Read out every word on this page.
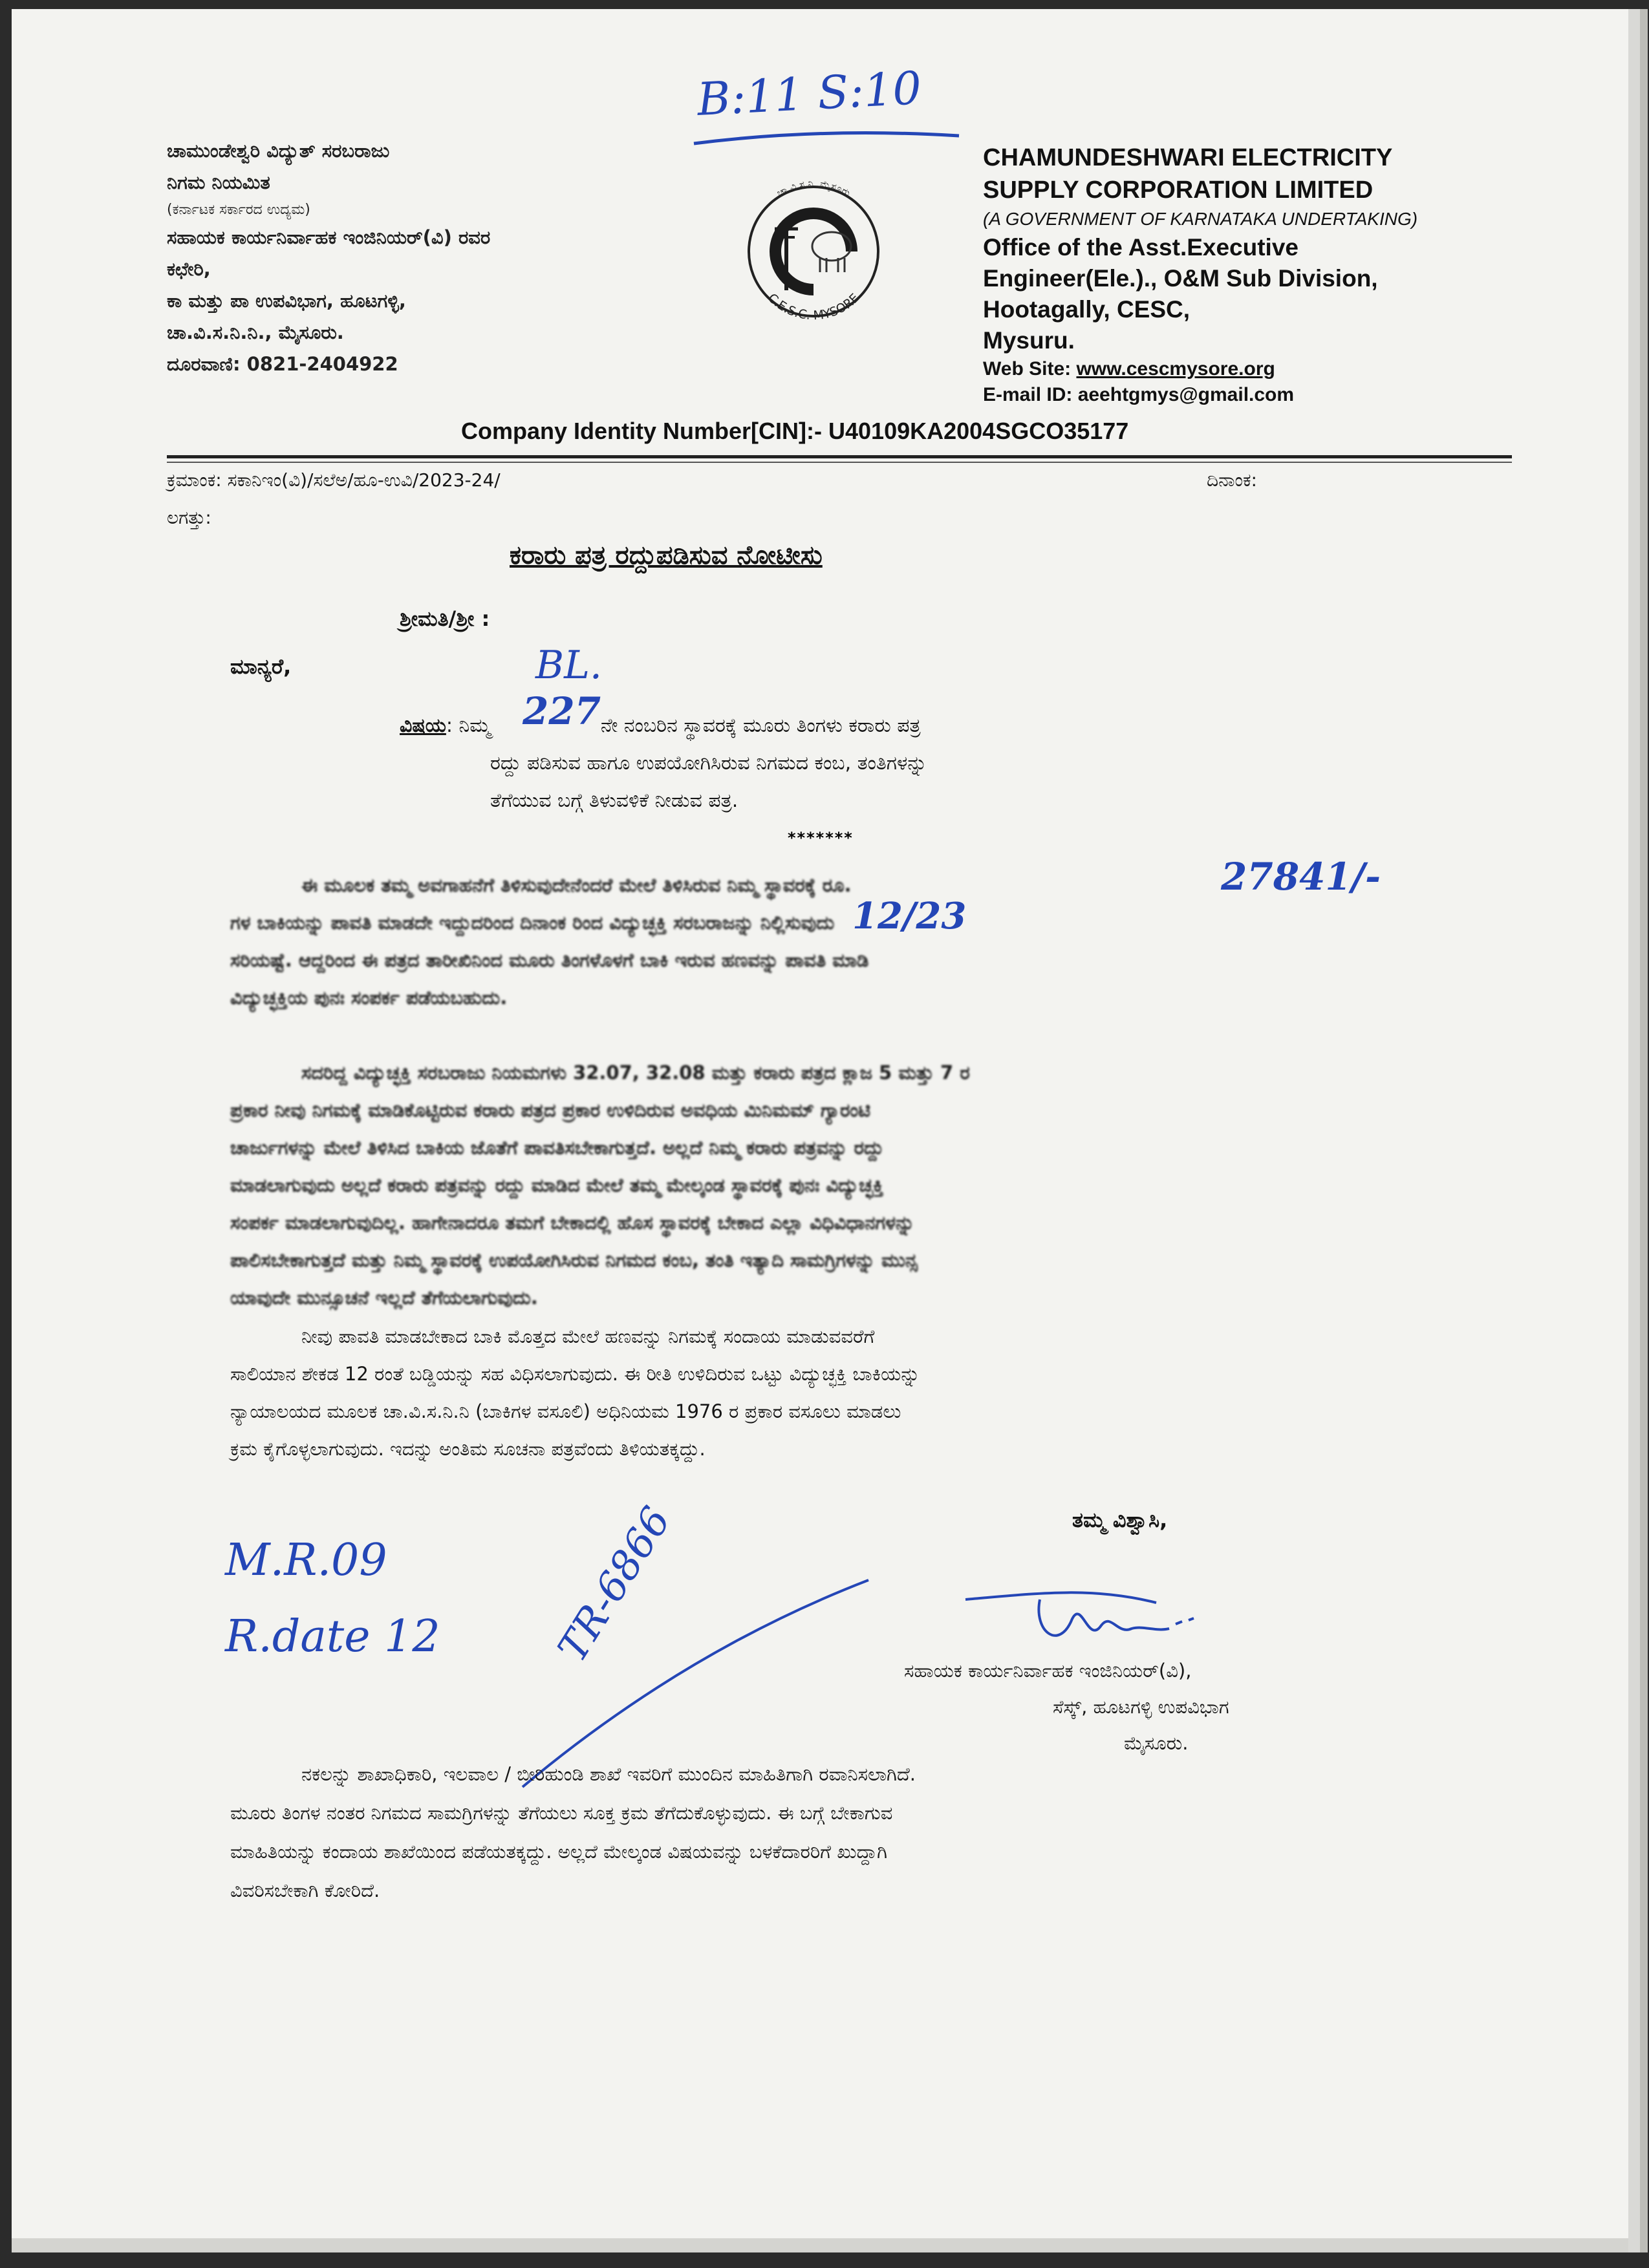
B:11 S:10
ಚಾಮುಂಡೇಶ್ವರಿ ವಿದ್ಯುತ್ ಸರಬರಾಜು
ನಿಗಮ ನಿಯಮಿತ
(ಕರ್ನಾಟಕ ಸರ್ಕಾರದ ಉದ್ಯಮ)
ಸಹಾಯಕ ಕಾರ್ಯನಿರ್ವಾಹಕ ಇಂಜಿನಿಯರ್(ವಿ) ರವರ
ಕಛೇರಿ,
ಕಾ ಮತ್ತು ಪಾ ಉಪವಿಭಾಗ, ಹೂಟಗಳ್ಳಿ,
ಚಾ.ವಿ.ಸ.ನಿ.ನಿ., ಮೈಸೂರು.
ದೂರವಾಣಿ: 0821-2404922
ಚಾ.ವಿ.ಸ.ನಿ. ಮೈಸೂರು
C.E.S.C. MYSORE
CHAMUNDESHWARI ELECTRICITY
SUPPLY CORPORATION LIMITED
(A GOVERNMENT OF KARNATAKA UNDERTAKING)
Office of the Asst.Executive
Engineer(Ele.)., O&M Sub Division,
Hootagally, CESC,
Mysuru.
Web Site: www.cescmysore.org
E-mail ID: aeehtgmys@gmail.com
Company Identity Number[CIN]:- U40109KA2004SGCO35177
ಕ್ರಮಾಂಕ: ಸಕಾನಿಇಂ(ವಿ)/ಸಲೆಅ/ಹೂ-ಉವಿ/2023-24/	ದಿನಾಂಕ:
ಲಗತ್ತು:
ಕರಾರು ಪತ್ರ ರದ್ದುಪಡಿಸುವ ನೋಟೀಸು
ಶ್ರೀಮತಿ/ಶ್ರೀ :
ಮಾನ್ಯರೆ,	BL.
227
ವಿಷಯ: ನಿಮ್ಮ	ನೇ ನಂಬರಿನ ಸ್ಥಾವರಕ್ಕೆ ಮೂರು ತಿಂಗಳು ಕರಾರು ಪತ್ರ
ರದ್ದು ಪಡಿಸುವ ಹಾಗೂ ಉಪಯೋಗಿಸಿರುವ ನಿಗಮದ ಕಂಬ, ತಂತಿಗಳನ್ನು
ತೆಗೆಯುವ ಬಗ್ಗೆ ತಿಳುವಳಿಕೆ ನೀಡುವ ಪತ್ರ.
*******
ಈ ಮೂಲಕ ತಮ್ಮ ಅವಗಾಹನೆಗೆ ತಿಳಿಸುವುದೇನೆಂದರೆ ಮೇಲೆ ತಿಳಿಸಿರುವ ನಿಮ್ಮ ಸ್ಥಾವರಕ್ಕೆ ರೂ.
ಗಳ ಬಾಕಿಯನ್ನು ಪಾವತಿ ಮಾಡದೇ ಇದ್ದುದರಿಂದ ದಿನಾಂಕ ರಿಂದ ವಿದ್ಯುಚ್ಛಕ್ತಿ ಸರಬರಾಜನ್ನು ನಿಲ್ಲಿಸುವುದು
ಸರಿಯಷ್ಟೆ. ಆದ್ದರಿಂದ ಈ ಪತ್ರದ ತಾರೀಖಿನಿಂದ ಮೂರು ತಿಂಗಳೊಳಗೆ ಬಾಕಿ ಇರುವ ಹಣವನ್ನು ಪಾವತಿ ಮಾಡಿ
ವಿದ್ಯುಚ್ಛಕ್ತಿಯ ಪುನಃ ಸಂಪರ್ಕ ಪಡೆಯಬಹುದು.
27841/-
12/23
ಸದರಿದ್ದ ವಿದ್ಯುಚ್ಛಕ್ತಿ ಸರಬರಾಜು ನಿಯಮಗಳು 32.07, 32.08 ಮತ್ತು ಕರಾರು ಪತ್ರದ ಕ್ಲಾಜ 5 ಮತ್ತು 7 ರ
ಪ್ರಕಾರ ನೀವು ನಿಗಮಕ್ಕೆ ಮಾಡಿಕೊಟ್ಟಿರುವ ಕರಾರು ಪತ್ರದ ಪ್ರಕಾರ ಉಳಿದಿರುವ ಅವಧಿಯ ಮಿನಿಮಮ್ ಗ್ಯಾರಂಟಿ
ಚಾರ್ಜುಗಳನ್ನು ಮೇಲೆ ತಿಳಿಸಿದ ಬಾಕಿಯ ಜೊತೆಗೆ ಪಾವತಿಸಬೇಕಾಗುತ್ತದೆ. ಅಲ್ಲದೆ ನಿಮ್ಮ ಕರಾರು ಪತ್ರವನ್ನು ರದ್ದು
ಮಾಡಲಾಗುವುದು ಅಲ್ಲದೆ ಕರಾರು ಪತ್ರವನ್ನು ರದ್ದು ಮಾಡಿದ ಮೇಲೆ ತಮ್ಮ ಮೇಲ್ಕಂಡ ಸ್ಥಾವರಕ್ಕೆ ಪುನಃ ವಿದ್ಯುಚ್ಛಕ್ತಿ
ಸಂಪರ್ಕ ಮಾಡಲಾಗುವುದಿಲ್ಲ. ಹಾಗೇನಾದರೂ ತಮಗೆ ಬೇಕಾದಲ್ಲಿ ಹೊಸ ಸ್ಥಾವರಕ್ಕೆ ಬೇಕಾದ ಎಲ್ಲಾ ವಿಧಿವಿಧಾನಗಳನ್ನು
ಪಾಲಿಸಬೇಕಾಗುತ್ತದೆ ಮತ್ತು ನಿಮ್ಮ ಸ್ಥಾವರಕ್ಕೆ ಉಪಯೋಗಿಸಿರುವ ನಿಗಮದ ಕಂಬ, ತಂತಿ ಇತ್ಯಾದಿ ಸಾಮಗ್ರಿಗಳನ್ನು ಮುನ್ಸ
ಯಾವುದೇ ಮುನ್ಸೂಚನೆ ಇಲ್ಲದೆ ತೆಗೆಯಲಾಗುವುದು.
ನೀವು ಪಾವತಿ ಮಾಡಬೇಕಾದ ಬಾಕಿ ಮೊತ್ತದ ಮೇಲೆ ಹಣವನ್ನು ನಿಗಮಕ್ಕೆ ಸಂದಾಯ ಮಾಡುವವರೆಗೆ
ಸಾಲಿಯಾನ ಶೇಕಡ 12 ರಂತೆ ಬಡ್ಡಿಯನ್ನು ಸಹ ವಿಧಿಸಲಾಗುವುದು. ಈ ರೀತಿ ಉಳಿದಿರುವ ಒಟ್ಟು ವಿದ್ಯುಚ್ಛಕ್ತಿ ಬಾಕಿಯನ್ನು
ನ್ಯಾಯಾಲಯದ ಮೂಲಕ ಚಾ.ವಿ.ಸ.ನಿ.ನಿ (ಬಾಕಿಗಳ ವಸೂಲಿ) ಅಧಿನಿಯಮ 1976 ರ ಪ್ರಕಾರ ವಸೂಲು ಮಾಡಲು
ಕ್ರಮ ಕೈಗೊಳ್ಳಲಾಗುವುದು. ಇದನ್ನು ಅಂತಿಮ ಸೂಚನಾ ಪತ್ರವೆಂದು ತಿಳಿಯತಕ್ಕದ್ದು.
ತಮ್ಮ ವಿಶ್ವಾಸಿ,
M.R.09
R.date 12	TR-6866
ಸಹಾಯಕ ಕಾರ್ಯನಿರ್ವಾಹಕ ಇಂಜಿನಿಯರ್(ವಿ),
ಸೆಸ್ಕ್, ಹೂಟಗಳ್ಳಿ ಉಪವಿಭಾಗ
ಮೈಸೂರು.
ನಕಲನ್ನು ಶಾಖಾಧಿಕಾರಿ, ಇಲವಾಲ / ಬೀರಿಹುಂಡಿ ಶಾಖೆ ಇವರಿಗೆ ಮುಂದಿನ ಮಾಹಿತಿಗಾಗಿ ರವಾನಿಸಲಾಗಿದೆ.
ಮೂರು ತಿಂಗಳ ನಂತರ ನಿಗಮದ ಸಾಮಗ್ರಿಗಳನ್ನು ತೆಗೆಯಲು ಸೂಕ್ತ ಕ್ರಮ ತೆಗೆದುಕೊಳ್ಳುವುದು. ಈ ಬಗ್ಗೆ ಬೇಕಾಗುವ
ಮಾಹಿತಿಯನ್ನು ಕಂದಾಯ ಶಾಖೆಯಿಂದ ಪಡೆಯತಕ್ಕದ್ದು. ಅಲ್ಲದೆ ಮೇಲ್ಕಂಡ ವಿಷಯವನ್ನು ಬಳಕೆದಾರರಿಗೆ ಖುದ್ದಾಗಿ
ವಿವರಿಸಬೇಕಾಗಿ ಕೋರಿದೆ.
